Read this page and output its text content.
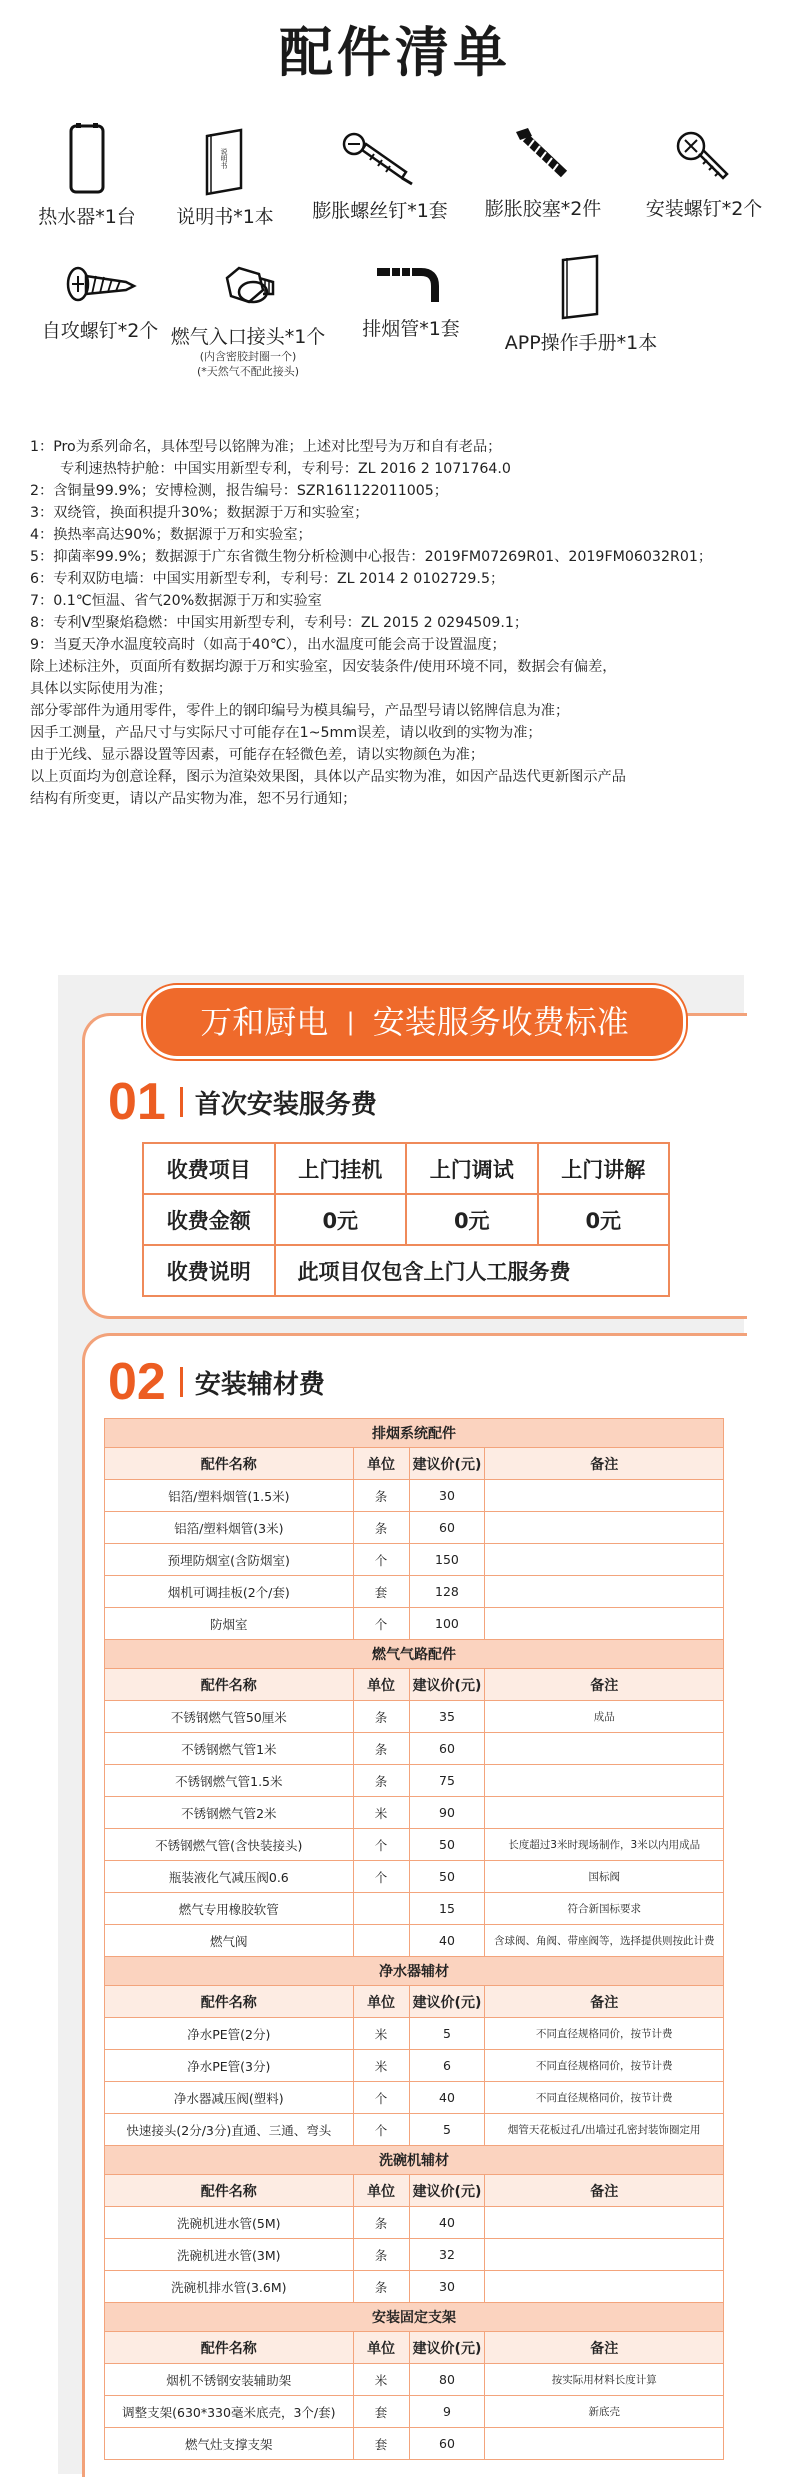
配件清单
热水器*1台
说明书
说明书*1本	膨胀螺丝钉*1套	膨胀胶塞*2件	安装螺钉*2个
自攻螺钉*2个 燃气入口接头*1个
(内含密胶封圈一个)
(*天然气不配此接头)
排烟管*1套
APP操作手册*1本
1：Pro为系列命名，具体型号以铭牌为准；上述对比型号为万和自有老品；
专利速热特护舱：中国实用新型专利，专利号：ZL 2016 2 1071764.0
2：含铜量99.9%；安博检测，报告编号：SZR161122011005；
3：双绕管，换面积提升30%；数据源于万和实验室；
4：换热率高达90%；数据源于万和实验室；
5：抑菌率99.9%；数据源于广东省微生物分析检测中心报告：2019FM07269R01、2019FM06032R01；
6：专利双防电墙：中国实用新型专利，专利号：ZL 2014 2 0102729.5；
7：0.1℃恒温、省气20%数据源于万和实验室
8：专利V型聚焰稳燃：中国实用新型专利，专利号：ZL 2015 2 0294509.1；
9：当夏天净水温度较高时（如高于40℃），出水温度可能会高于设置温度；
除上述标注外，页面所有数据均源于万和实验室，因安装条件/使用环境不同，数据会有偏差，
具体以实际使用为准；
部分零部件为通用零件，零件上的钢印编号为模具编号，产品型号请以铭牌信息为准；
因手工测量，产品尺寸与实际尺寸可能存在1~5mm误差，请以收到的实物为准；
由于光线、显示器设置等因素，可能存在轻微色差，请以实物颜色为准；
以上页面均为创意诠释，图示为渲染效果图，具体以产品实物为准，如因产品迭代更新图示产品
结构有所变更，请以产品实物为准，恕不另行通知；
万和厨电 | 安装服务收费标准
01 首次安装服务费
收费项目	上门挂机	上门调试	上门讲解
收费金额	0元	0元	0元
收费说明	此项目仅包含上门人工服务费		
02 安装辅材费
排烟系统配件			
配件名称	单位	建议价(元)	备注
铝箔/塑料烟管(1.5米)	条	30	
铝箔/塑料烟管(3米)	条	60	
预埋防烟室(含防烟室)	个	150	
烟机可调挂板(2个/套)	套	128	
防烟室	个	100	
燃气气路配件			
配件名称	单位	建议价(元)	备注
不锈钢燃气管50厘米	条	35	成品
不锈钢燃气管1米	条	60	
不锈钢燃气管1.5米	条	75	
不锈钢燃气管2米	米	90	
不锈钢燃气管(含快装接头)	个	50	长度超过3米时现场制作，3米以内用成品
瓶装液化气减压阀0.6	个	50	国标阀
燃气专用橡胶软管		15	符合新国标要求
燃气阀		40	含球阀、角阀、带座阀等，选择提供则按此计费
净水器辅材			
配件名称	单位	建议价(元)	备注
净水PE管(2分)	米	5	不同直径规格同价，按节计费
净水PE管(3分)	米	6	不同直径规格同价，按节计费
净水器减压阀(塑料)	个	40	不同直径规格同价，按节计费
快速接头(2分/3分)直通、三通、弯头	个	5	烟管天花板过孔/出墙过孔密封装饰圈定用
洗碗机辅材			
配件名称	单位	建议价(元)	备注
洗碗机进水管(5M)	条	40	
洗碗机进水管(3M)	条	32	
洗碗机排水管(3.6M)	条	30	
安装固定支架			
配件名称	单位	建议价(元)	备注
烟机不锈钢安装辅助架	米	80	按实际用材料长度计算
调整支架(630*330毫米底壳，3个/套)	套	9	新底壳
燃气灶支撑支架	套	60	
